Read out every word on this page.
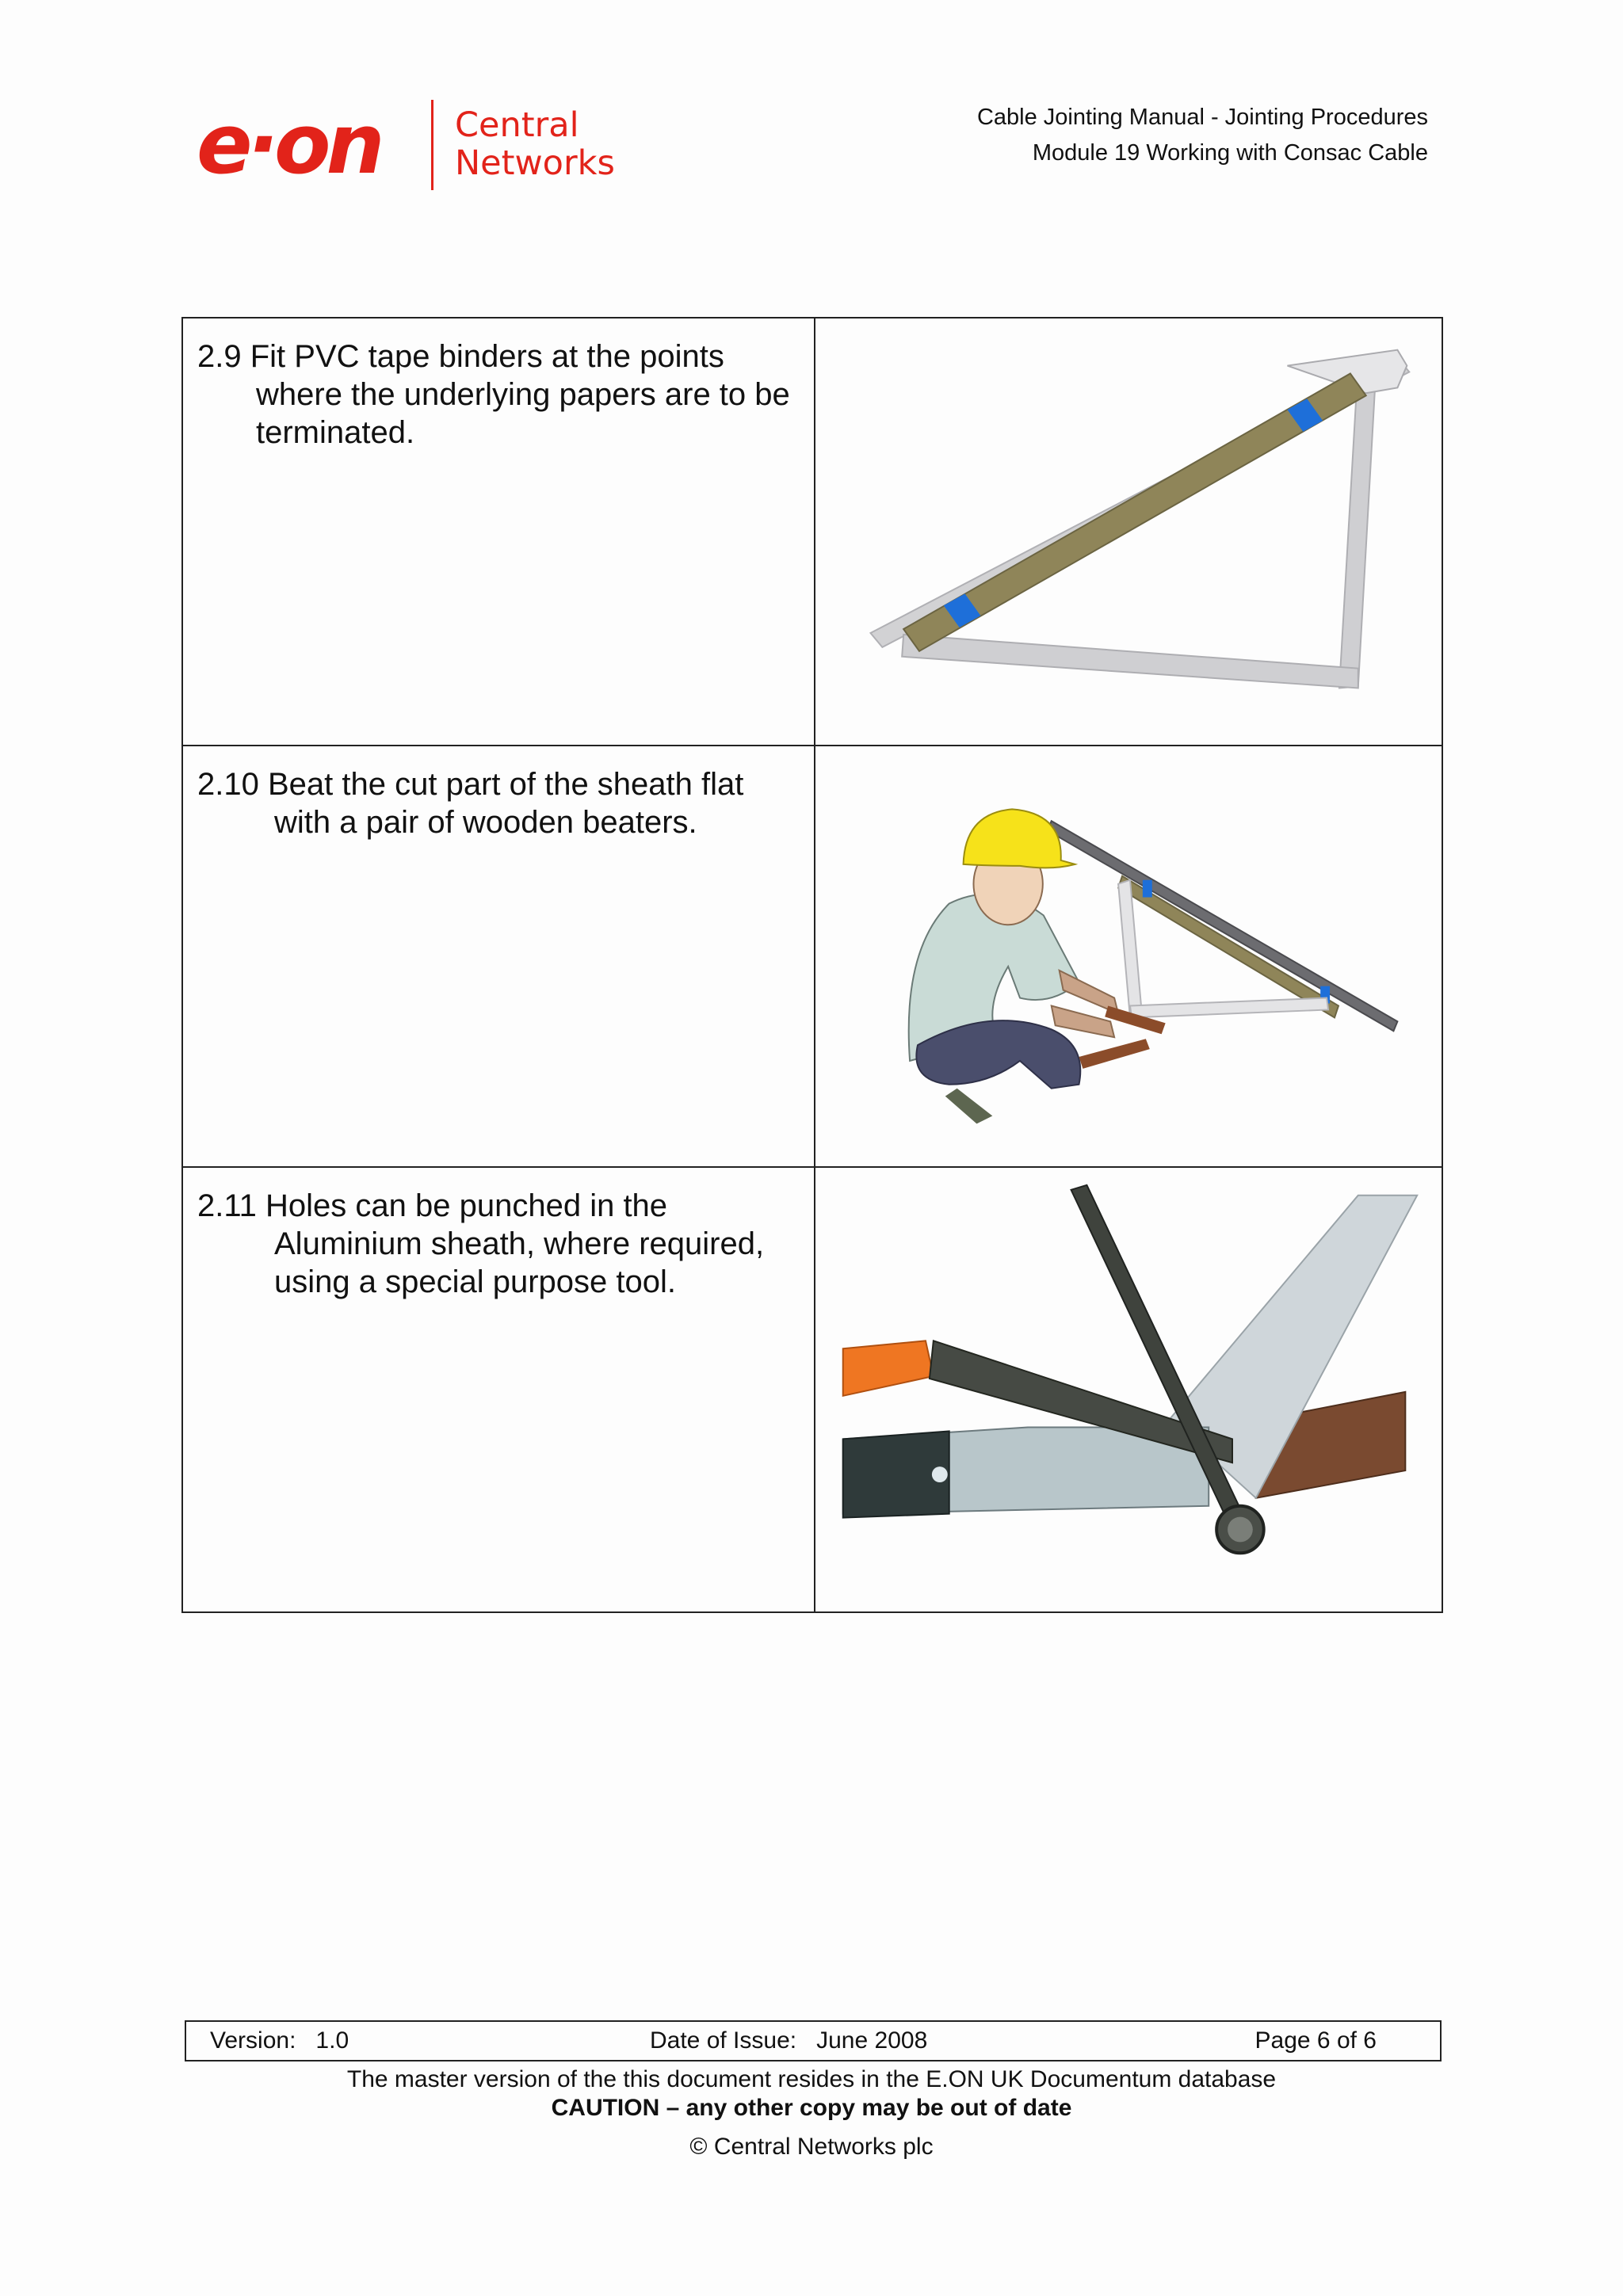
e·on Central
Networks
Cable Jointing Manual - Jointing Procedures
Module 19 Working with Consac Cable
2.9 Fit PVC tape binders at the points where the underlying papers are to be terminated.

2.10 Beat the cut part of the sheath flat with a pair of wooden beaters.

2.11 Holes can be punched in the Aluminium sheath, where required, using a special purpose tool.

Version: 1.0	Date of Issue: June 2008	Page 6 of 6
The master version of the this document resides in the E.ON UK Documentum database
CAUTION – any other copy may be out of date
© Central Networks plc
